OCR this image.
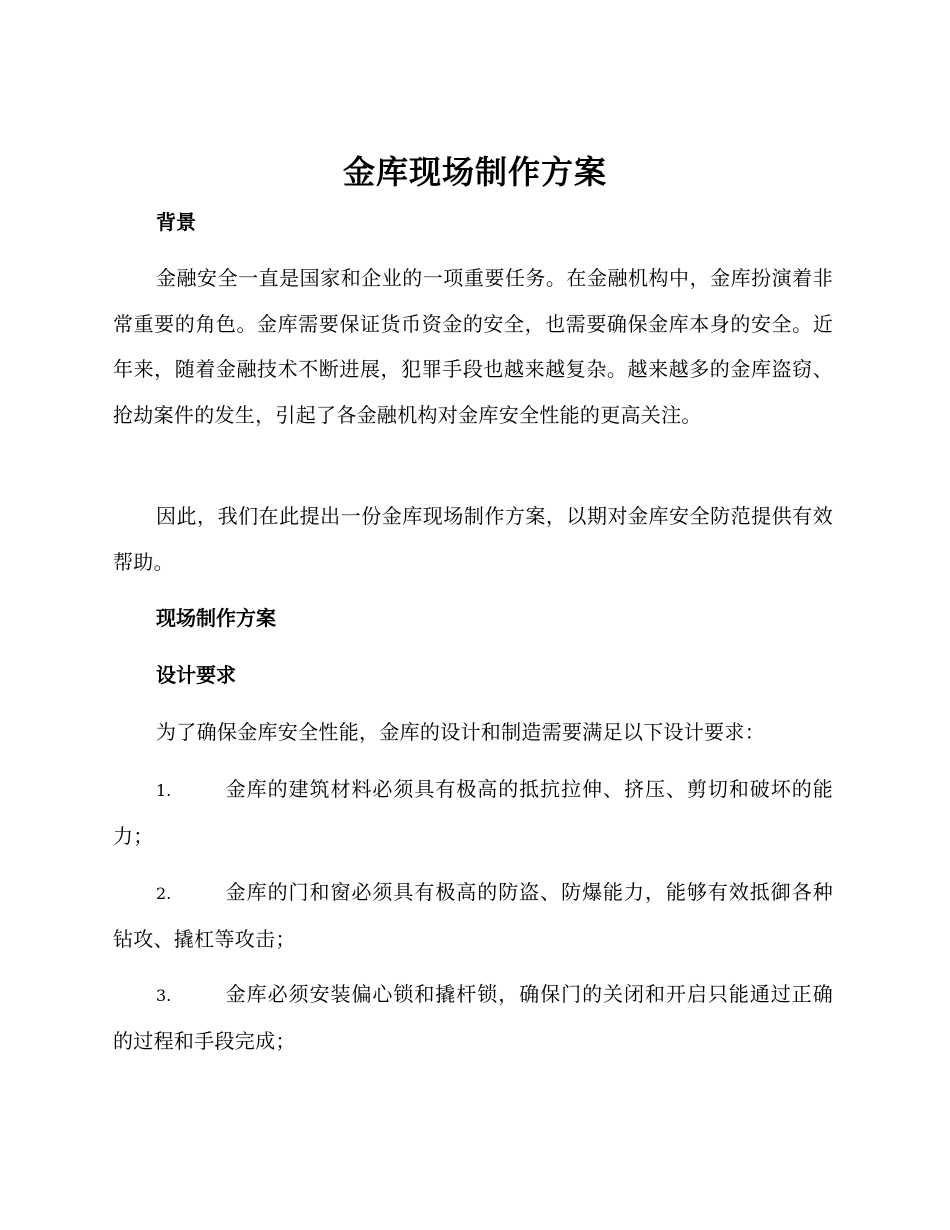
金库现场制作方案
背景

金融安全一直是国家和企业的一项重要任务。在金融机构中，金库扮演着非常重要的角色。金库需要保证货币资金的安全，也需要确保金库本身的安全。近年来，随着金融技术不断进展，犯罪手段也越来越复杂。越来越多的金库盗窃、抢劫案件的发生，引起了各金融机构对金库安全性能的更高关注。

因此，我们在此提出一份金库现场制作方案，以期对金库安全防范提供有效帮助。

现场制作方案
设计要求

为了确保金库安全性能，金库的设计和制造需要满足以下设计要求：

1.	金库的建筑材料必须具有极高的抵抗拉伸、挤压、剪切和破坏的能力；

2.	金库的门和窗必须具有极高的防盗、防爆能力，能够有效抵御各种钻攻、撬杠等攻击；

3.	金库必须安装偏心锁和撬杆锁，确保门的关闭和开启只能通过正确的过程和手段完成；
